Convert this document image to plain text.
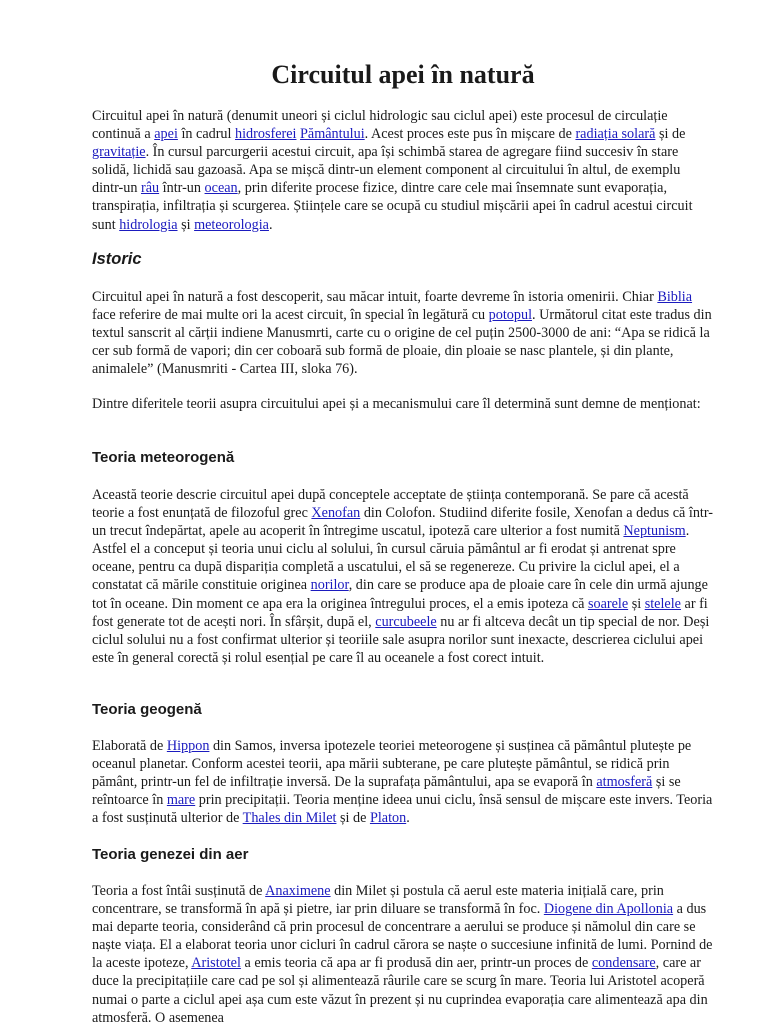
Circuitul apei în natură

Circuitul apei în natură (denumit uneori și ciclul hidrologic sau ciclul apei) este procesul de circulație continuă a apei în cadrul hidrosferei Pământului. Acest proces este pus în mișcare de radiația solară și de gravitație. În cursul parcurgerii acestui circuit, apa își schimbă starea de agregare fiind succesiv în stare solidă, lichidă sau gazoasă. Apa se mișcă dintr-un element component al circuitului în altul, de exemplu dintr-un râu într-un ocean, prin diferite procese fizice, dintre care cele mai însemnate sunt evaporația, transpirația, infiltrația și scurgerea. Științele care se ocupă cu studiul mișcării apei în cadrul acestui circuit sunt hidrologia și meteorologia.

Istoric

Circuitul apei în natură a fost descoperit, sau măcar intuit, foarte devreme în istoria omenirii. Chiar Biblia face referire de mai multe ori la acest circuit, în special în legătură cu potopul. Următorul citat este tradus din textul sanscrit al cărții indiene Manusmrti, carte cu o origine de cel puțin 2500-3000 de ani: “Apa se ridică la cer sub formă de vapori; din cer coboară sub formă de ploaie, din ploaie se nasc plantele, și din plante, animalele” (Manusmriti - Cartea III, sloka 76).

Dintre diferitele teorii asupra circuitului apei și a mecanismului care îl determină sunt demne de menționat:

Teoria meteorogenă

Această teorie descrie circuitul apei după conceptele acceptate de știința contemporană. Se pare că acestă teorie a fost enunțată de filozoful grec Xenofan din Colofon. Studiind diferite fosile, Xenofan a dedus că într-un trecut îndepărtat, apele au acoperit în întregime uscatul, ipoteză care ulterior a fost numită Neptunism. Astfel el a conceput și teoria unui ciclu al solului, în cursul căruia pământul ar fi erodat și antrenat spre oceane, pentru ca după dispariția completă a uscatului, el să se regenereze. Cu privire la ciclul apei, el a constatat că mările constituie originea norilor, din care se produce apa de ploaie care în cele din urmă ajunge tot în oceane. Din moment ce apa era la originea întregului proces, el a emis ipoteza că soarele și stelele ar fi fost generate tot de acești nori. În sfârșit, după el, curcubeele nu ar fi altceva decât un tip special de nor. Deși ciclul solului nu a fost confirmat ulterior și teoriile sale asupra norilor sunt inexacte, descrierea ciclului apei este în general corectă și rolul esențial pe care îl au oceanele a fost corect intuit.

Teoria geogenă

Elaborată de Hippon din Samos, inversa ipotezele teoriei meteorogene și susținea că pământul plutește pe oceanul planetar. Conform acestei teorii, apa mării subterane, pe care plutește pământul, se ridică prin pământ, printr-un fel de infiltrație inversă. De la suprafața pământului, apa se evaporă în atmosferă și se reîntoarce în mare prin precipitații. Teoria menține ideea unui ciclu, însă sensul de mișcare este invers. Teoria a fost susținută ulterior de Thales din Milet și de Platon.

Teoria genezei din aer

Teoria a fost întâi susținută de Anaximene din Milet și postula că aerul este materia inițială care, prin concentrare, se transformă în apă și pietre, iar prin diluare se transformă în foc. Diogene din Apollonia a dus mai departe teoria, considerând că prin procesul de concentrare a aerului se produce și nămolul din care se naște viața. El a elaborat teoria unor cicluri în cadrul cărora se naște o succesiune infinită de lumi. Pornind de la aceste ipoteze, Aristotel a emis teoria că apa ar fi produsă din aer, printr-un proces de condensare, care ar duce la precipitațiile care cad pe sol și alimentează râurile care se scurg în mare. Teoria lui Aristotel acoperă numai o parte a ciclul apei așa cum este văzut în prezent și nu cuprindea evaporația care alimentează apa din atmosferă. O asemenea
